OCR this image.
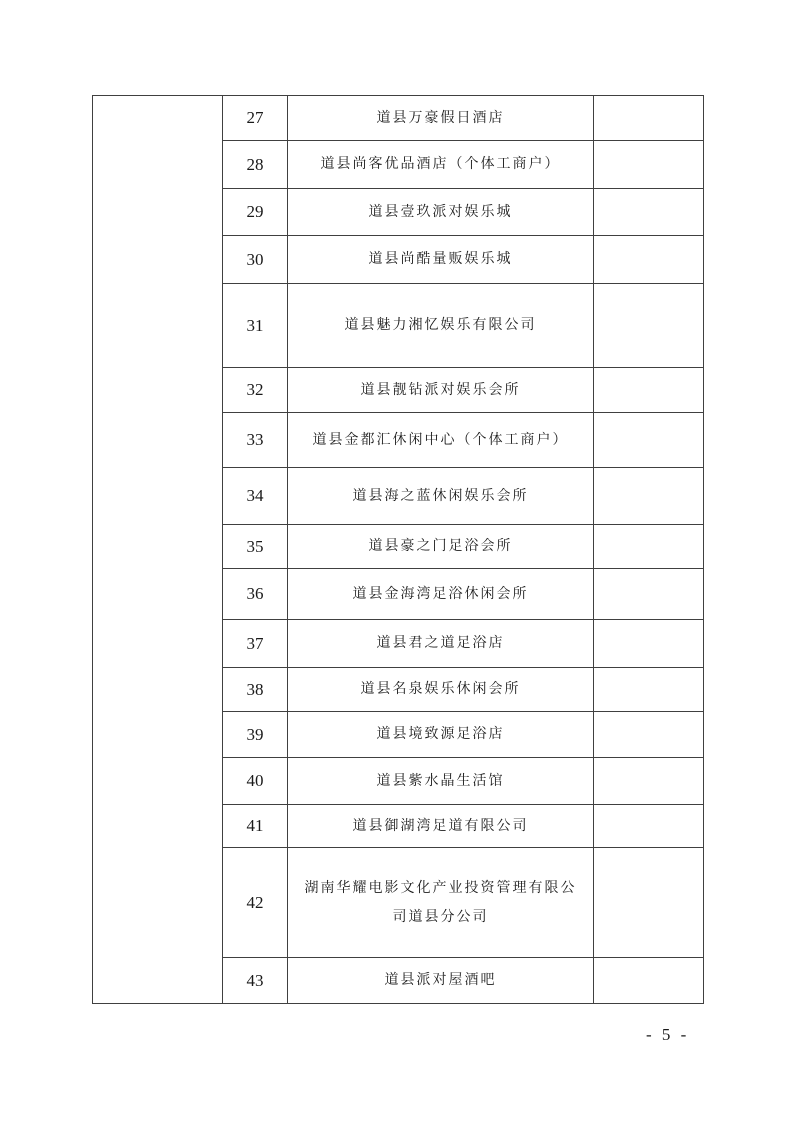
	27	道县万豪假日酒店	
	28	道县尚客优品酒店（个体工商户）	
	29	道县壹玖派对娱乐城	
	30	道县尚酷量贩娱乐城	
	31	道县魅力湘忆娱乐有限公司	
	32	道县靓钻派对娱乐会所	
	33	道县金都汇休闲中心（个体工商户）	
	34	道县海之蓝休闲娱乐会所	
	35	道县豪之门足浴会所	
	36	道县金海湾足浴休闲会所	
	37	道县君之道足浴店	
	38	道县名泉娱乐休闲会所	
	39	道县境致源足浴店	
	40	道县紫水晶生活馆	
	41	道县御湖湾足道有限公司	
	42	湖南华耀电影文化产业投资管理有限公司道县分公司	
	43	道县派对屋酒吧	
- 5 -
